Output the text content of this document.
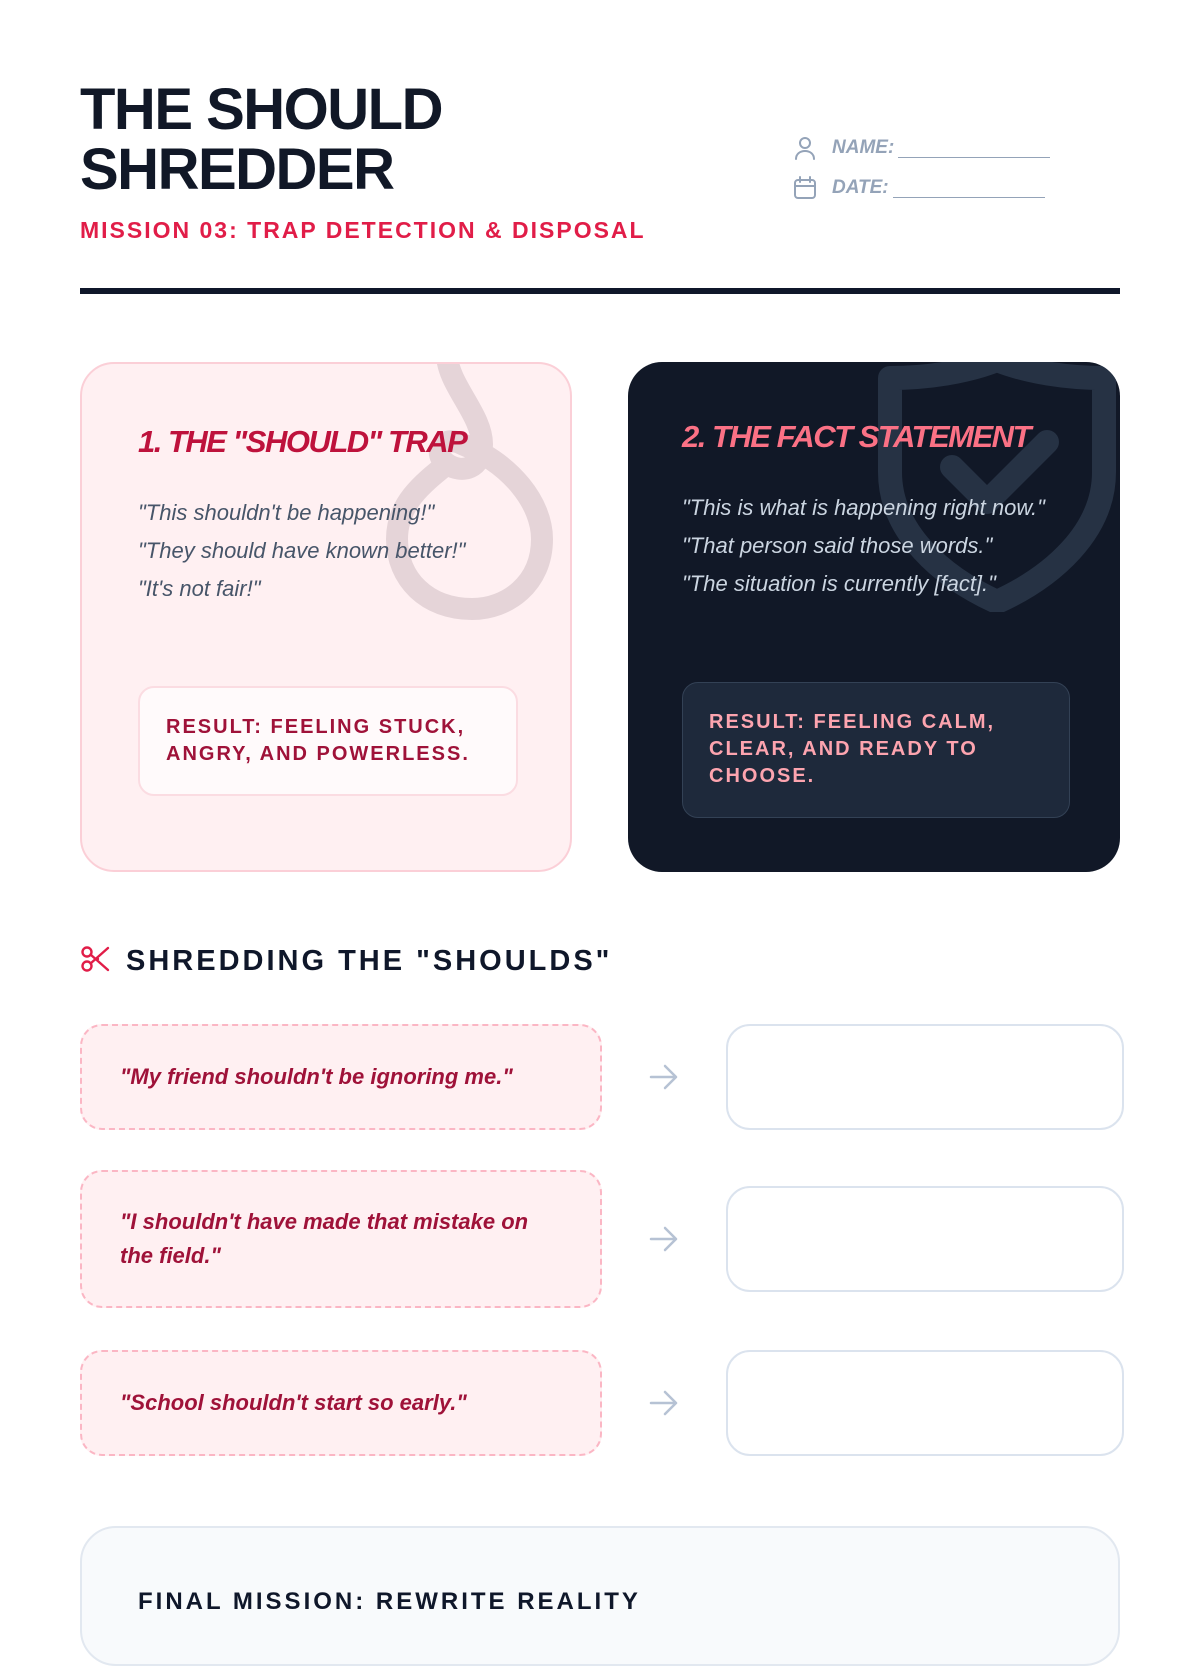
THE SHOULD
SHREDDER
MISSION 03: TRAP DETECTION & DISPOSAL
NAME:
DATE:
1. THE "SHOULD" TRAP
"This shouldn't be happening!"
"They should have known better!"
"It's not fair!"
RESULT: FEELING STUCK, ANGRY, AND POWERLESS.
2. THE FACT STATEMENT
"This is what is happening right now."
"That person said those words."
"The situation is currently [fact]."
RESULT: FEELING CALM, CLEAR, AND READY TO CHOOSE.
SHREDDING THE "SHOULDS"
"My friend shouldn't be ignoring me."
"I shouldn't have made that mistake on the field."
"School shouldn't start so early."
FINAL MISSION: REWRITE REALITY
